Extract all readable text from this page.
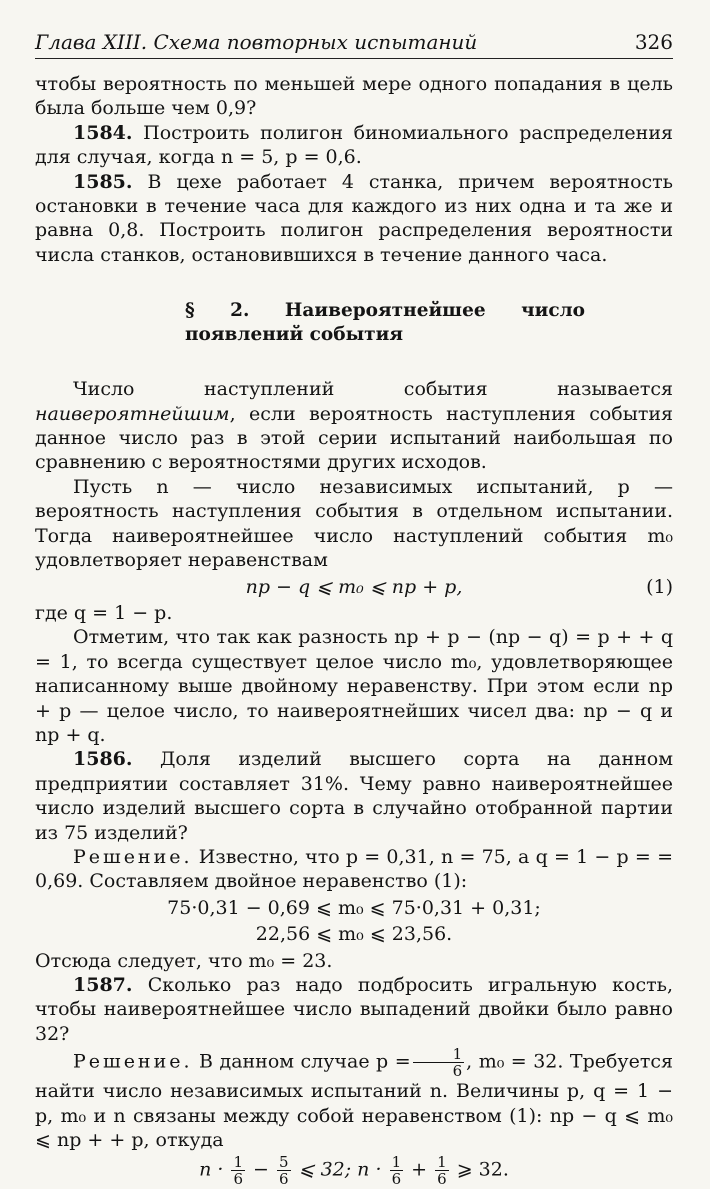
Глава XIII. Схема повторных испытаний	326

чтобы вероятность по меньшей мере одного попадания в цель была больше чем 0,9?

1584. Построить полигон биномиального распределения для случая, когда n = 5, p = 0,6.

1585. В цехе работает 4 станка, причем вероятность остановки в течение часа для каждого из них одна и та же и равна 0,8. Построить полигон распределения вероятности числа станков, остановившихся в течение данного часа.

§ 2. Наивероятнейшее число появлений события

Число наступлений события называется наивероятнейшим, если вероятность наступления события данное число раз в этой серии испытаний наибольшая по сравнению с вероятностями других исходов.

Пусть n — число независимых испытаний, p — вероятность наступления события в отдельном испытании. Тогда наивероятнейшее число наступлений события m₀ удовлетворяет неравенствам

np − q ⩽ m₀ ⩽ np + p,	(1)

где q = 1 − p.

Отметим, что так как разность np + p − (np − q) = p + + q = 1, то всегда существует целое число m₀, удовлетворяющее написанному выше двойному неравенству. При этом если np + p — целое число, то наивероятнейших чисел два: np − q и np + q.

1586. Доля изделий высшего сорта на данном предприятии составляет 31%. Чему равно наивероятнейшее число изделий высшего сорта в случайно отобранной партии из 75 изделий?

Решение. Известно, что p = 0,31, n = 75, a q = 1 − p = = 0,69. Составляем двойное неравенство (1):

75·0,31 − 0,69 ⩽ m₀ ⩽ 75·0,31 + 0,31;
22,56 ⩽ m₀ ⩽ 23,56.

Отсюда следует, что m₀ = 23.

1587. Сколько раз надо подбросить игральную кость, чтобы наивероятнейшее число выпадений двойки было равно 32?

Решение. В данном случае $p = \frac{1}{6}$ , m₀ = 32. Требуется найти число независимых испытаний n. Величины p, q = 1 − p, m₀ и n связаны между собой неравенством (1): np − q ⩽ m₀ ⩽ np + + p, откуда

$n \cdot \frac{1}{6} - \frac{5}{6}$ ⩽ 32; $n \cdot \frac{1}{6} + \frac{1}{6}$ ⩾ 32.
